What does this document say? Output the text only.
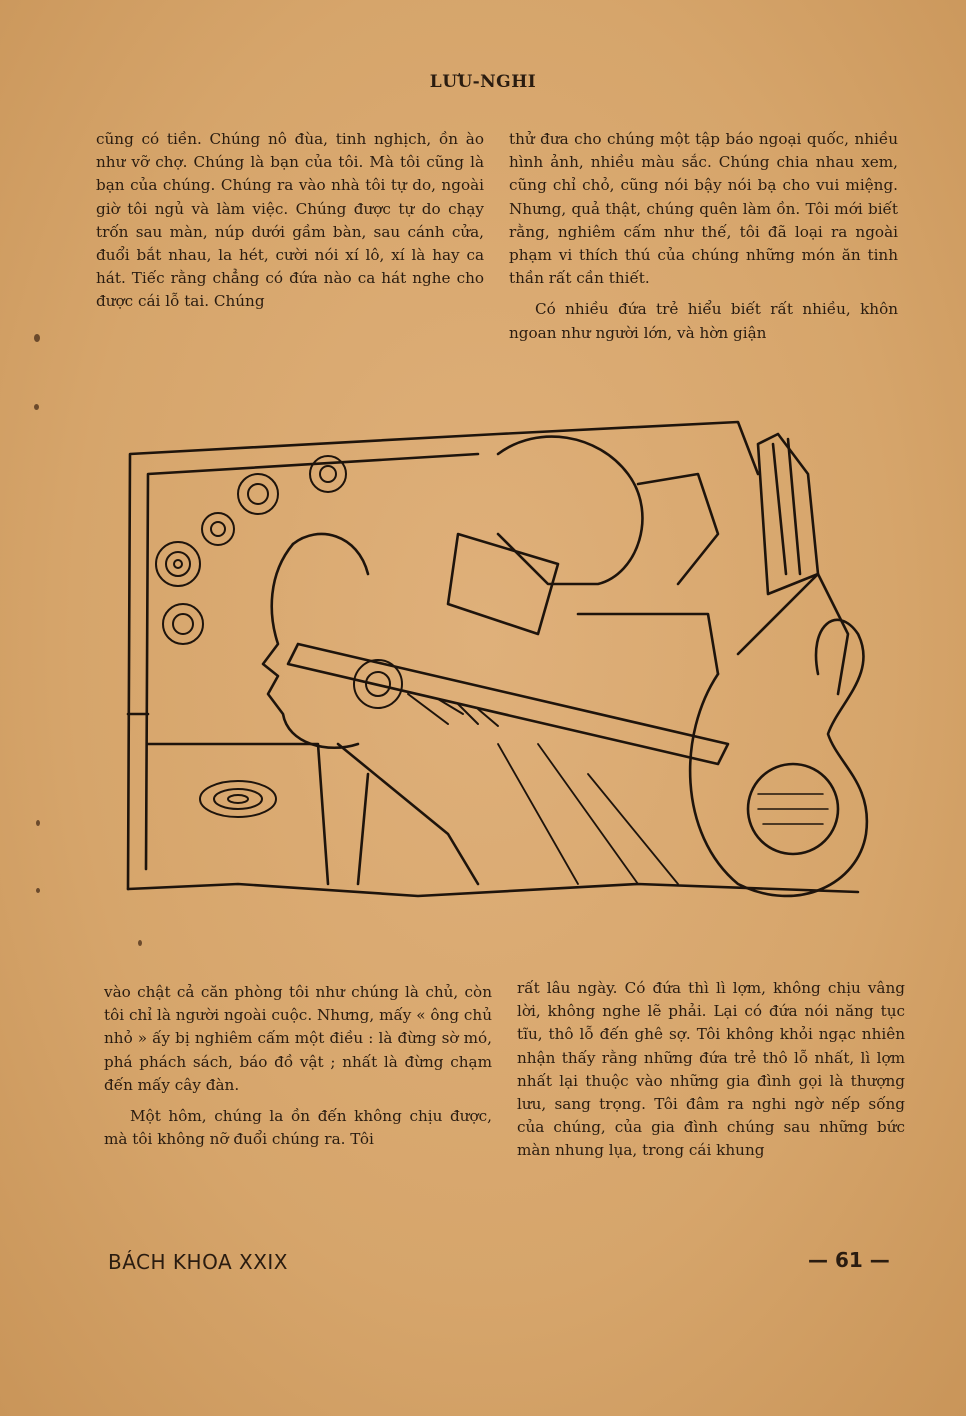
LƯU-NGHI

cũng có tiền. Chúng nô đùa, tinh nghịch, ồn ào như vỡ chợ. Chúng là bạn của tôi. Mà tôi cũng là bạn của chúng. Chúng ra vào nhà tôi tự do, ngoài giờ tôi ngủ và làm việc. Chúng được tự do chạy trốn sau màn, núp dưới gầm bàn, sau cánh cửa, đuổi bắt nhau, la hét, cười nói xí lô, xí là hay ca hát. Tiếc rằng chẳng có đứa nào ca hát nghe cho được cái lỗ tai. Chúng

thử đưa cho chúng một tập báo ngoại quốc, nhiều hình ảnh, nhiều màu sắc. Chúng chia nhau xem, cũng chỉ chỏ, cũng nói bậy nói bạ cho vui miệng. Nhưng, quả thật, chúng quên làm ồn. Tôi mới biết rằng, nghiêm cấm như thế, tôi đã loại ra ngoài phạm vi thích thú của chúng những món ăn tinh thần rất cần thiết.

Có nhiều đứa trẻ hiểu biết rất nhiều, khôn ngoan như người lớn, và hờn giận

vào chật cả căn phòng tôi như chúng là chủ, còn tôi chỉ là người ngoài cuộc. Nhưng, mấy « ông chủ nhỏ » ấy bị nghiêm cấm một điều : là đừng sờ mó, phá phách sách, báo đồ vật ; nhất là đừng chạm đến mấy cây đàn.

Một hôm, chúng la ồn đến không chịu được, mà tôi không nỡ đuổi chúng ra. Tôi

rất lâu ngày. Có đứa thì lì lợm, không chịu vâng lời, không nghe lẽ phải. Lại có đứa nói năng tục tĩu, thô lỗ đến ghê sợ. Tôi không khỏi ngạc nhiên nhận thấy rằng những đứa trẻ thô lỗ nhất, lì lợm nhất lại thuộc vào những gia đình gọi là thượng lưu, sang trọng. Tôi đâm ra nghi ngờ nếp sống của chúng, của gia đình chúng sau những bức màn nhung lụa, trong cái khung

BÁCH KHOA XXIX	— 61 —
